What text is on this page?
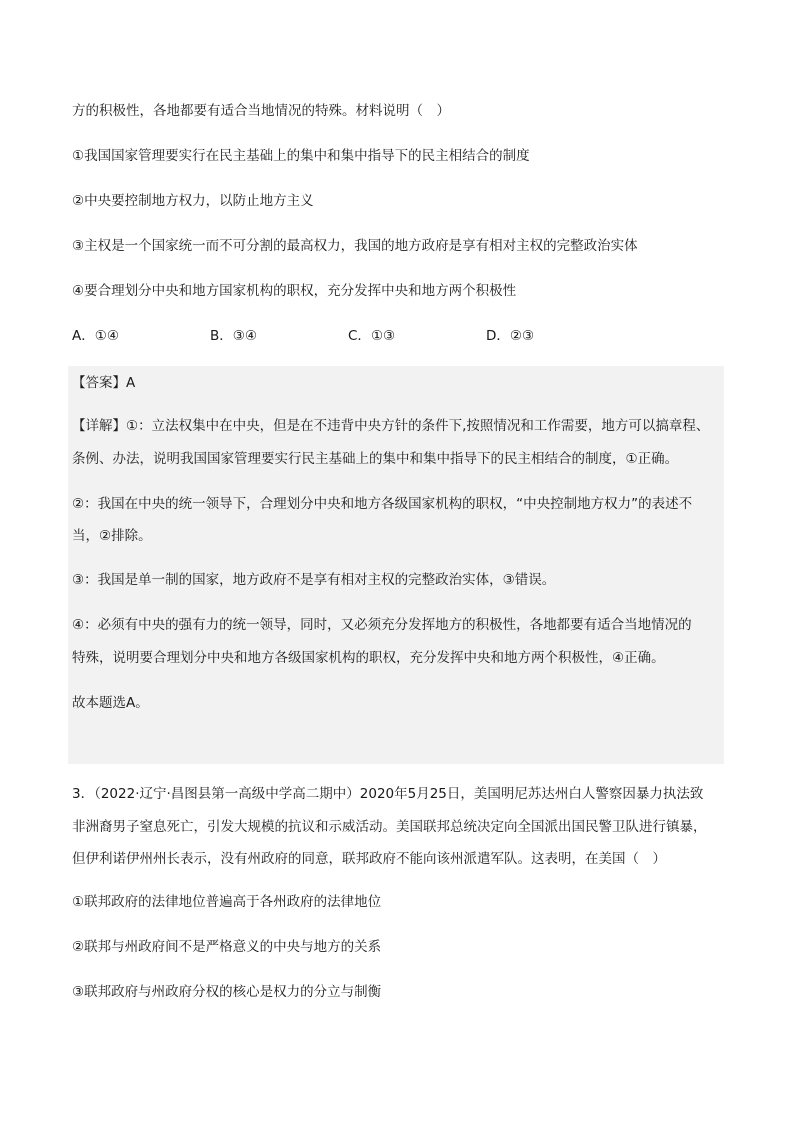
方的积极性，各地都要有适合当地情况的特殊。材料说明（　）
①我国国家管理要实行在民主基础上的集中和集中指导下的民主相结合的制度
②中央要控制地方权力，以防止地方主义
③主权是一个国家统一而不可分割的最高权力，我国的地方政府是享有相对主权的完整政治实体
④要合理划分中央和地方国家机构的职权，充分发挥中央和地方两个积极性
A．①④	B．③④	C．①③	D．②③
【答案】A
【详解】①：立法权集中在中央，但是在不违背中央方针的条件下,按照情况和工作需要，地方可以搞章程、
条例、办法，说明我国国家管理要实行民主基础上的集中和集中指导下的民主相结合的制度，①正确。
②：我国在中央的统一领导下，合理划分中央和地方各级国家机构的职权，“中央控制地方权力”的表述不
当，②排除。
③：我国是单一制的国家，地方政府不是享有相对主权的完整政治实体，③错误。
④：必须有中央的强有力的统一领导，同时，又必须充分发挥地方的积极性，各地都要有适合当地情况的
特殊，说明要合理划分中央和地方各级国家机构的职权，充分发挥中央和地方两个积极性，④正确。
故本题选A。
3．（2022·辽宁·昌图县第一高级中学高二期中）2020年5月25日，美国明尼苏达州白人警察因暴力执法致
非洲裔男子窒息死亡，引发大规模的抗议和示威活动。美国联邦总统决定向全国派出国民警卫队进行镇暴，
但伊利诺伊州州长表示，没有州政府的同意，联邦政府不能向该州派遣军队。这表明，在美国（　）
①联邦政府的法律地位普遍高于各州政府的法律地位
②联邦与州政府间不是严格意义的中央与地方的关系
③联邦政府与州政府分权的核心是权力的分立与制衡
